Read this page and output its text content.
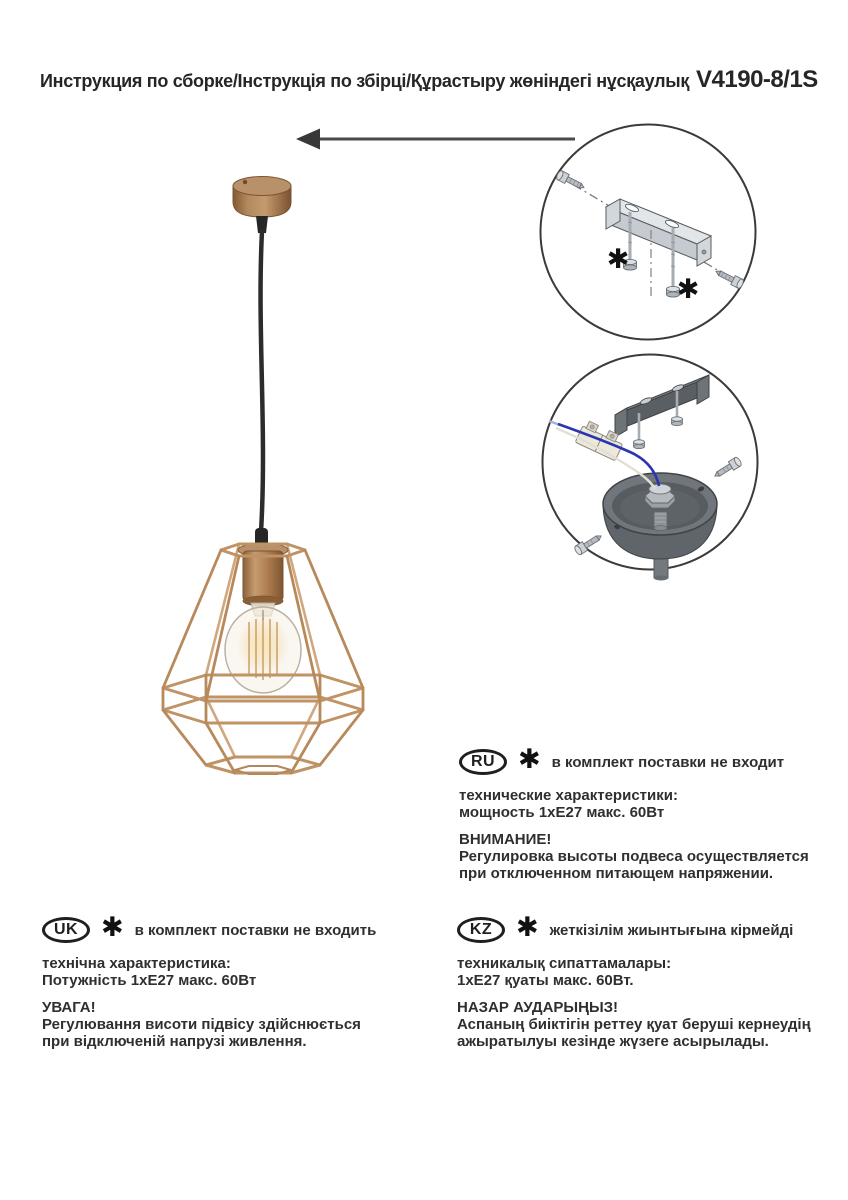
Инструкция по сборке/Інструкція по збірці/Құрастыру жөніндегі нұсқаулық V4190-8/1S
✱
✱
RU ✱ в комплект поставки не входит
технические характеристики:
мощность 1хЕ27 макс. 60Вт
ВНИМАНИЕ!
Регулировка высоты подвеса осуществляется
при отключенном питающем напряжении.
UK ✱ в комплект поставки не входить
технічна характеристика:
Потужність 1хЕ27 макс. 60Вт
УВАГА!
Регулювання висоти підвісу здійснюється
при відключеній напрузі живлення.
KZ ✱ жеткізілім жиынтығына кірмейді
техникалық сипаттамалары:
1хЕ27 қуаты макс. 60Вт.
НАЗАР АУДАРЫҢЫЗ!
Аспаның биіктігін реттеу қуат беруші кернеудің
ажыратылуы кезінде жүзеге асырылады.
